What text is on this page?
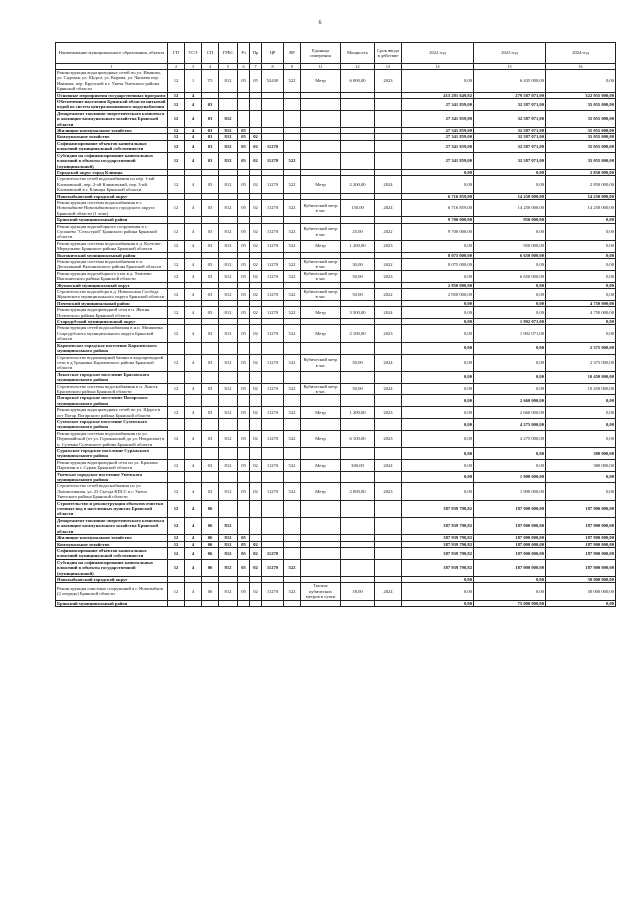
6
Наименование муниципального образования, объекта	ГП	ТСЭ	СП	ГРБС	Рз	Пр	ЦР	ВР	Единица измерения	Мощность	Срок ввода в действие	2022 год	2023 год	2024 год
1	2	3	4	5	6	7	8	9	11	12	13	14	15	16
Реконструкция водопроводных сетей по ул. Иванова, ул. Садовая, ул. Щорса, ул. Кирова, ул. Чапаева пер. Иванова, пер. Крупской в г. Унеча Унечского района Брянской области	12	1	Т5	812	05	05	52430	522	Метр	6 000,00	2023	0,00	6 435 000,00	0,00
Основные мероприятия государственных программ	12	4										415 281 649,82	279 587 071,00	322 955 000,00
Обеспечение населения Брянской области питьевой водой из систем централизованного водоснабжения	12	4	03									27 341 859,00	32 587 071,00	35 055 000,00
Департамент топливно-энергетического комплекса и жилищно-коммунального хозяйства Брянской области	12	4	03	812								27 341 859,00	32 587 071,00	35 055 000,00
Жилищно-коммунальное хозяйство	12	4	03	812	05							27 341 859,00	32 587 071,00	35 055 000,00
Коммунальное хозяйство	12	4	03	812	05	02						27 341 859,00	32 587 071,00	35 055 000,00
Софинансирование объектов капитальных вложений муниципальной собственности	12	4	03	812	05	02	11270					27 341 859,00	32 587 071,00	35 055 000,00
Субсидии на софинансирование капитальных вложений в объекты государственной (муниципальной)	12	4	03	812	05	02	11270	522				27 341 859,00	32 587 071,00	35 055 000,00
Городской округ город Клинцы												0,00	0,00	2 850 000,00
Строительство сетей водоснабжения по пер. 1-ый Климовский, пер. 2-ой Климовский, пер. 3-ий Климовский в г. Клинцы Брянской области	12	4	03	812	05	02	11270	522	Метр	2 200,00	2024	0,00	0,00	2 850 000,00
Новозыбковский городской округ												6 716 859,00	14 250 000,00	14 250 000,00
Реконструкция системы водоснабжения в г. Новозыбкове Новозыбковского городского округа Брянской области (1 этап)	12	4	03	812	05	02	11270	522	Кубический метр в час	150,00	2024	6 716 859,00	14 250 000,00	14 250 000,00
Брянский муниципальный район												9 700 000,00	950 000,00	0,00
Реконструкция водозаборного сооружения в с. Супонево "Сельстрой" Брянского района Брянской области	12	4	03	812	05	02	11270	522	Кубический метр в час	25,00	2022	9 700 000,00	0,00	0,00
Реконструкция системы водоснабжения в д. Колтово-Меркульево Брянского района Брянской области	12	4	03	812	05	02	11270	522	Метр	1 200,00	2023	0,00	950 000,00	0,00
Выгоничский муниципальный район												8 075 000,00	6 650 000,00	0,00
Реконструкция системы водоснабжения в п. Десятинный Выгоничского района Брянской области	12	4	03	812	05	02	11270	522	Кубический метр в час	30,00	2022	8 075 000,00	0,00	0,00
Реконструкция водозаборного узла в д. Хмелево Выгоничского района Брянской области	12	4	03	812	05	02	11270	522	Кубический метр в час	50,00	2023	0,00	6 650 000,00	0,00
Жуковский муниципальный округ												2 850 000,00	0,00	0,00
Строительство водозабора в д. Никольская Слобода Жуковского муниципального округа Брянской области	12	4	03	812	05	02	11270	522	Кубический метр в час	50,00	2022	2 850 000,00	0,00	0,00
Почепский муниципальный район												0,00	0,00	4 750 000,00
Реконструкция водопроводной сети в п. Житня Почепского района Брянской области	12	4	03	812	05	02	11270	522	Метр	3 500,00	2024	0,00	0,00	4 750 000,00
Стародубский муниципальный округ												0,00	1 902 071,00	0,00
Реконструкция сетей водоснабжения в н.п. Мишковка Стародубского муниципального округа Брянской области	12	4	03	812	05	02	11270	522	Метр	2 100,00	2023	0,00	1 902 071,00	0,00
Карачевское городское поселение Карачевского муниципального района												0,00	0,00	2 375 000,00
Строительство водонапорной башни и водопроводной сети в д.Трыковка Карачевского района Брянской области	12	4	03	812	05	02	11270	522	Кубический метр в час	50,00	2024	0,00	0,00	2 375 000,00
Локотское городское поселение Брасовского муниципального района												0,00	0,00	10 450 000,00
Строительство системы водоснабжения в п. Локоть Брасовского района Брянской области	12	4	03	812	05	02	11270	522	Кубический метр в час	50,00	2024	0,00	0,00	10 450 000,00
Погарское городское поселение Погарского муниципального района												0,00	2 660 000,00	0,00
Реконструкция водопроводных сетей по ул. Щорса в пгт Погар Погарского района Брянской области	12	4	03	812	05	02	11270	522	Метр	1 200,00	2023	0,00	2 660 000,00	0,00
Суземское городское поселение Суземского муниципального района												0,00	4 275 000,00	0,00
Реконструкция системы водоснабжения по ул. Первомайской (от ул. Горожанской до ул. Некрасова) в п. Суземка Суземского района Брянской области	12	4	03	812	05	02	11270	522	Метр	6 100,00	2023	0,00	4 275 000,00	0,00
Суражское городское поселение Суражского муниципального района												0,00	0,00	380 000,00
Реконструкция водопроводной сети по ул. Красных Партизан в г. Сураж Брянской области	12	4	03	812	05	02	11270	522	Метр	300,00	2024	0,00	0,00	380 000,00
Унечское городское поселение Унечского муниципального района												0,00	1 900 000,00	0,00
Строительство сетей водоснабжения по ул. Локомотивная, ул. 23 Съезда КПСС в г. Унеча Унечского района Брянской области	12	4	03	812	05	02	11270	522	Метр	2 000,00	2023	0,00	1 900 000,00	0,00
Строительство и реконструкция объектов очистки сточных вод в населенных пунктах Брянской области	12	4	06									387 939 790,82	187 000 000,00	187 900 000,00
Департамент топливно-энергетического комплекса и жилищно-коммунального хозяйства Брянской области	12	4	06	812								387 939 790,82	187 000 000,00	187 900 000,00
Жилищно-коммунальное хозяйство	12	4	06	812	05							387 939 790,82	187 000 000,00	187 900 000,00
Коммунальное хозяйство	12	4	06	812	05	02						387 939 790,82	187 000 000,00	187 900 000,00
Софинансирование объектов капитальных вложений муниципальной собственности	12	4	06	812	05	02	11270					387 939 790,82	187 000 000,00	187 900 000,00
Субсидии на софинансирование капитальных вложений в объекты государственной (муниципальной)	12	4	06	812	05	02	11270	522				387 939 790,82	187 000 000,00	187 900 000,00
Новозыбковский городской округ												0,00	0,00	50 000 000,00
Реконструкция очистных сооружений в г. Новозыбков (2 очередь) Брянской области	12	4	06	812	05	02	11270	522	Тысяча кубических метров в сутки	18,00	2024	0,00	0,00	50 000 000,00
Брянский муниципальный район												0,00	75 000 000,00	0,00
